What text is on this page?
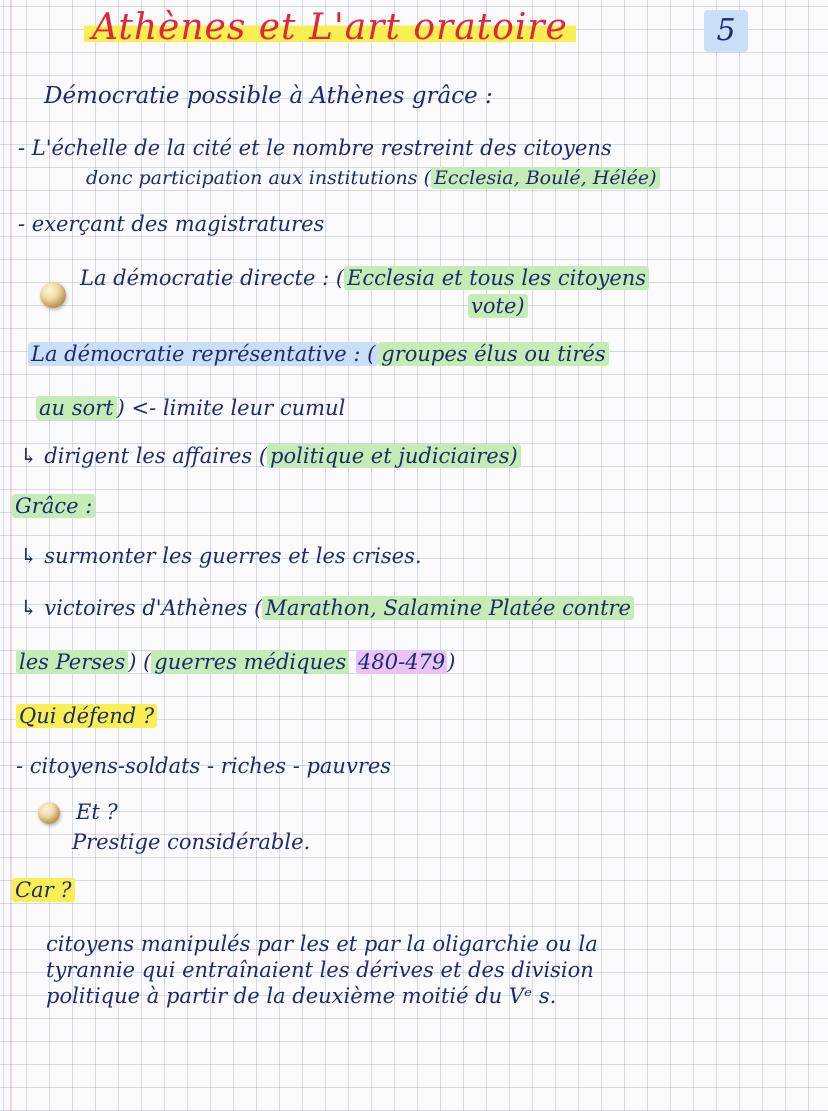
Athènes et L'art oratoire	5
Démocratie possible à Athènes grâce :
- L'échelle de la cité et le nombre restreint des citoyens
donc participation aux institutions ( Ecclesia, Boulé, Hélée)
- exerçant des magistratures
La démocratie directe : ( Ecclesia et tous les citoyens
vote)
La démocratie représentative : ( groupes élus ou tirés
au sort ) <- limite leur cumul
↳ dirigent les affaires ( politique et judiciaires)
Grâce :
↳ surmonter les guerres et les crises.
↳ victoires d'Athènes ( Marathon, Salamine Platée contre
les Perses ) ( guerres médiques 480-479)
Qui défend ?
- citoyens-soldats - riches - pauvres
Et ?
Prestige considérable.
Car ?
citoyens manipulés par les et par la oligarchie ou la
tyrannie qui entraînaient les dérives et des division
politique à partir de la deuxième moitié du Vᵉ s.
